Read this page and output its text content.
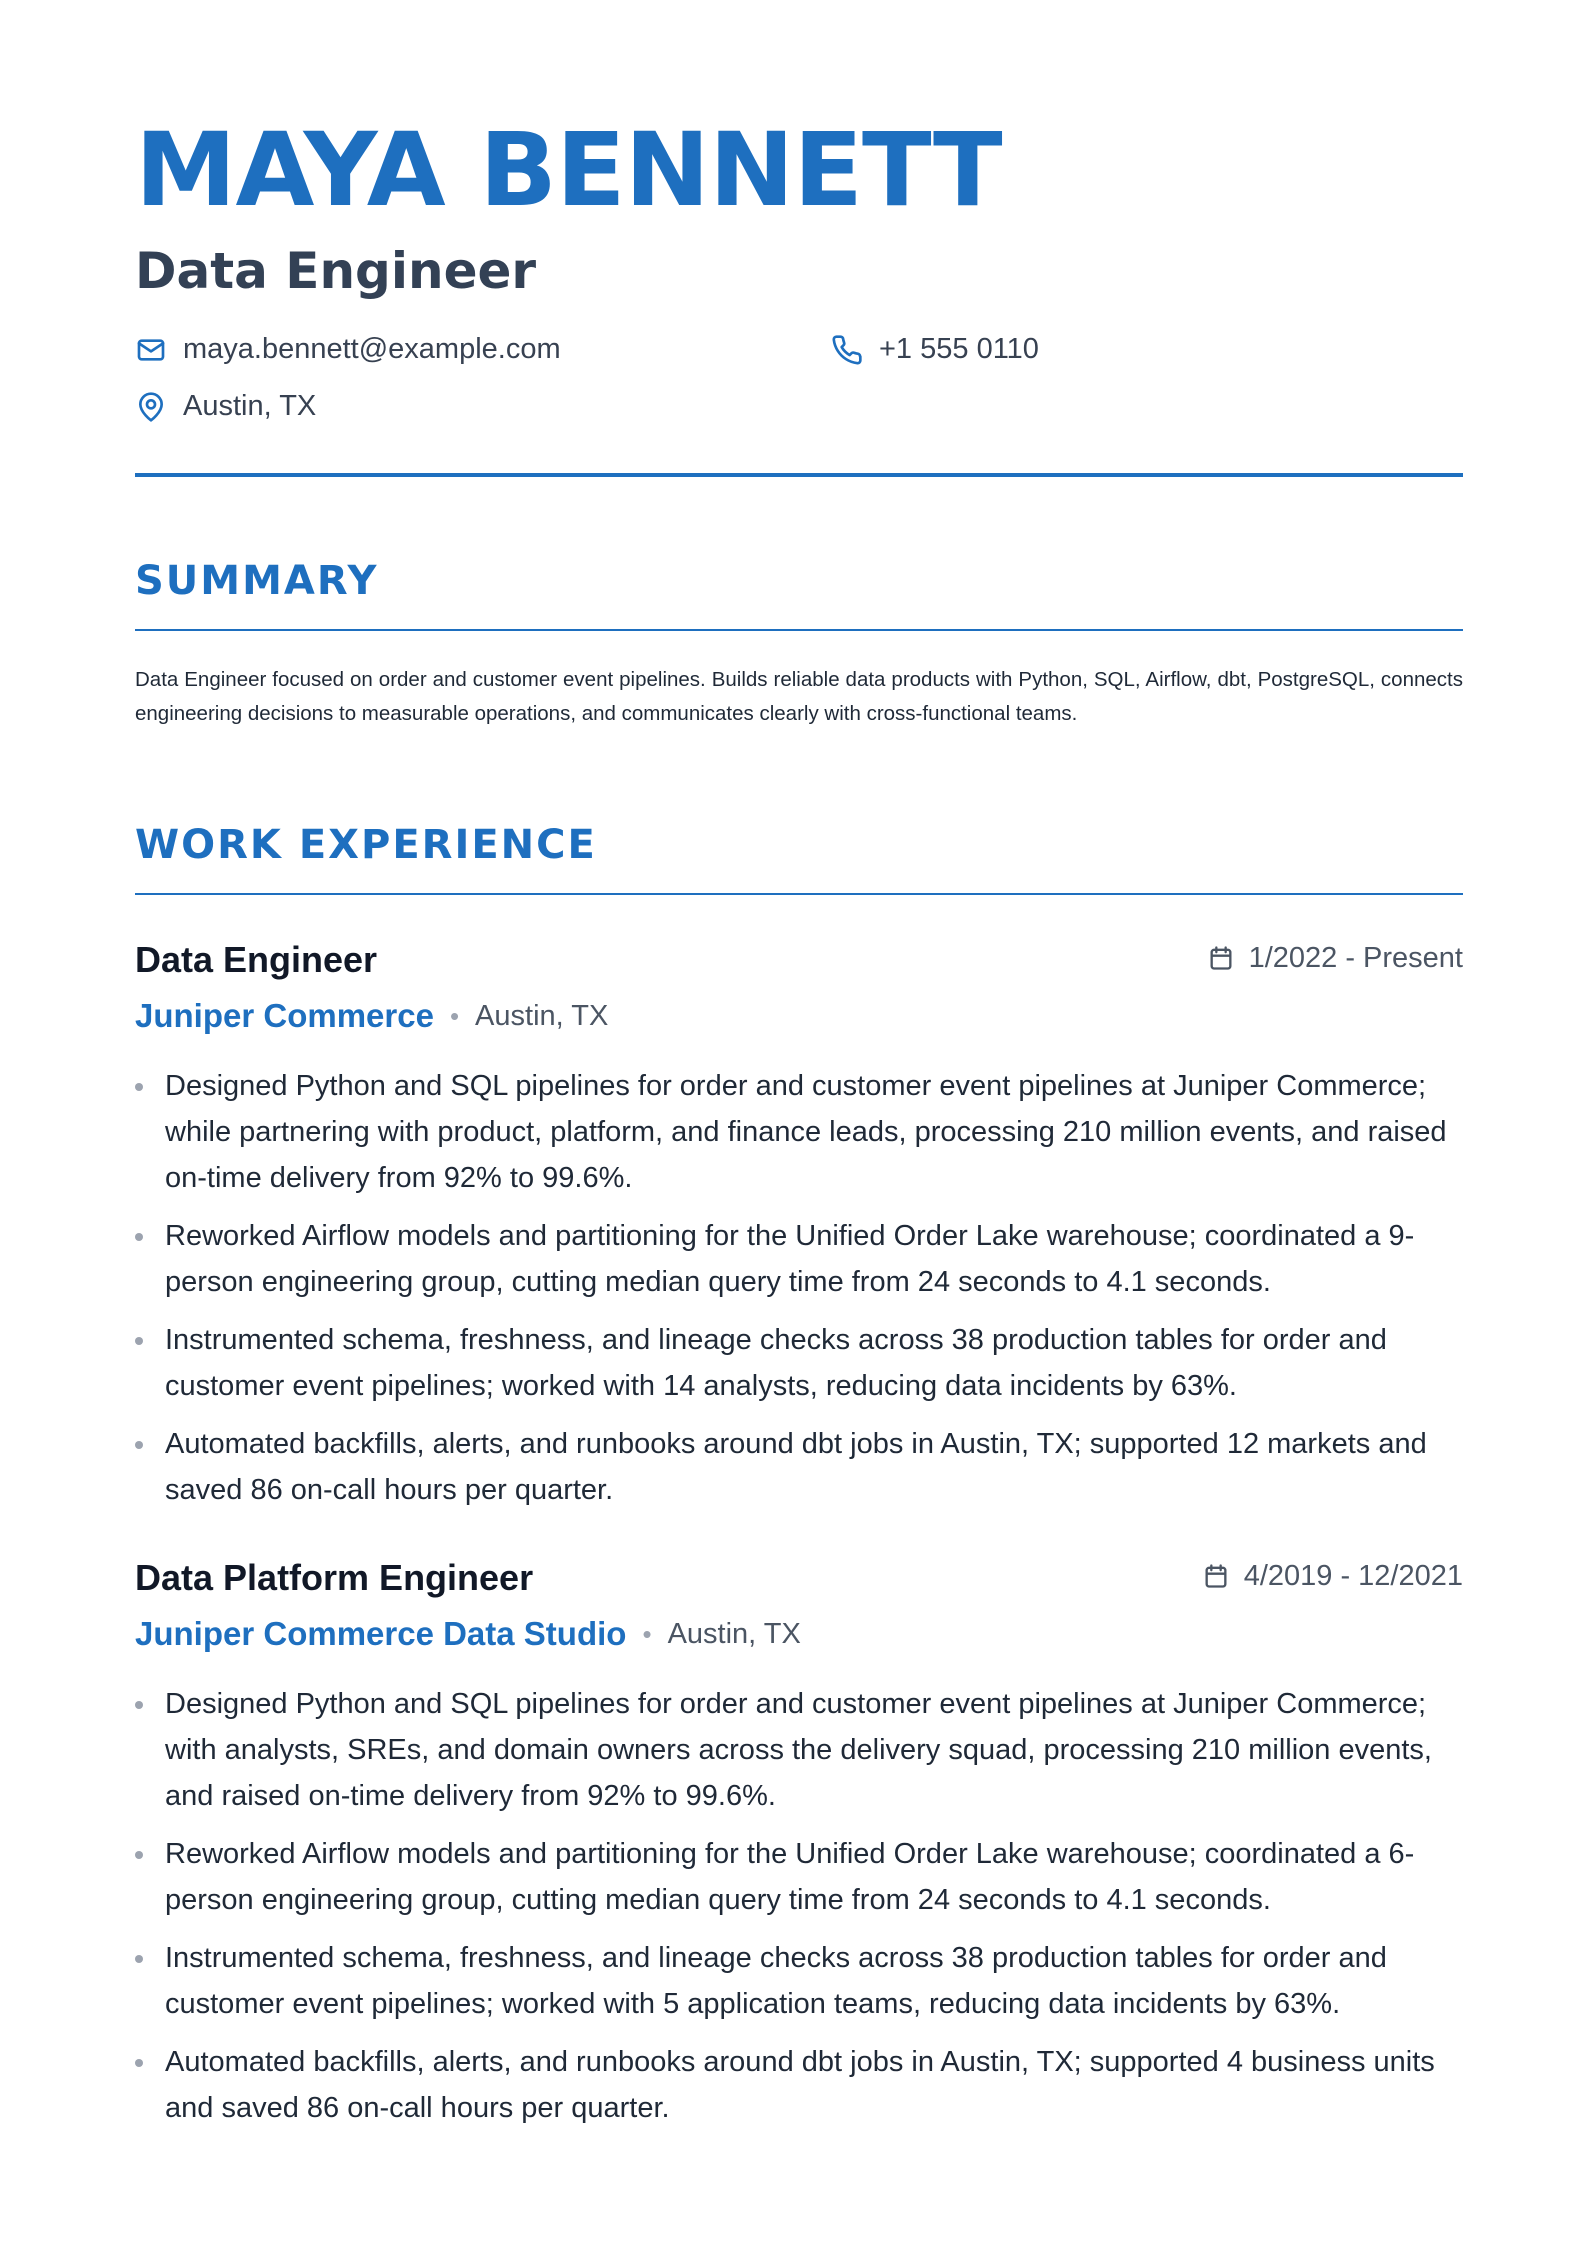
MAYA BENNETT
Data Engineer
maya.bennett@example.com	+1 555 0110
Austin, TX
SUMMARY

Data Engineer focused on order and customer event pipelines. Builds reliable data products with Python, SQL, Airflow, dbt, PostgreSQL, connects engineering decisions to measurable operations, and communicates clearly with cross-functional teams.

WORK EXPERIENCE
Data Engineer	1/2022 - Present
Juniper Commerce • Austin, TX
Designed Python and SQL pipelines for order and customer event pipelines at Juniper Commerce; while partnering with product, platform, and finance leads, processing 210 million events, and raised on-time delivery from 92% to 99.6%.
Reworked Airflow models and partitioning for the Unified Order Lake warehouse; coordinated a 9-person engineering group, cutting median query time from 24 seconds to 4.1 seconds.
Instrumented schema, freshness, and lineage checks across 38 production tables for order and customer event pipelines; worked with 14 analysts, reducing data incidents by 63%.
Automated backfills, alerts, and runbooks around dbt jobs in Austin, TX; supported 12 markets and saved 86 on-call hours per quarter.
Data Platform Engineer	4/2019 - 12/2021
Juniper Commerce Data Studio • Austin, TX
Designed Python and SQL pipelines for order and customer event pipelines at Juniper Commerce; with analysts, SREs, and domain owners across the delivery squad, processing 210 million events, and raised on-time delivery from 92% to 99.6%.
Reworked Airflow models and partitioning for the Unified Order Lake warehouse; coordinated a 6-person engineering group, cutting median query time from 24 seconds to 4.1 seconds.
Instrumented schema, freshness, and lineage checks across 38 production tables for order and customer event pipelines; worked with 5 application teams, reducing data incidents by 63%.
Automated backfills, alerts, and runbooks around dbt jobs in Austin, TX; supported 4 business units and saved 86 on-call hours per quarter.
